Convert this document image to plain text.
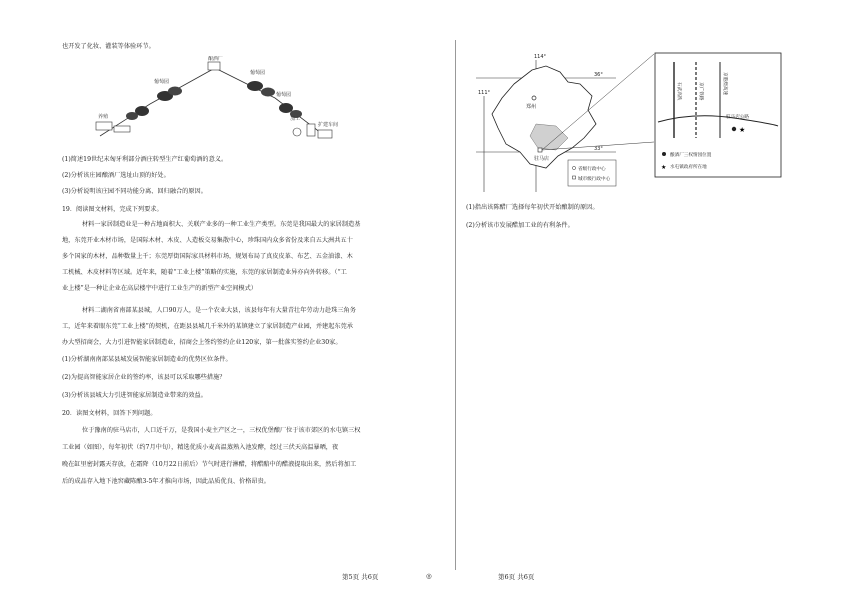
也开发了化妆、灌装等体验环节。
酿酒厂
葡萄园
葡萄园
葡萄园
养殖	加工
扩建车间
(1)简述19世纪末匈牙利部分酒庄转型生产红葡萄酒的意义。
(2)分析该庄园酿酒厂选址山顶的好处。
(3)分析说明该庄园不同功能分离、回归融合的原因。
19．阅读图文材料，完成下列要求。
材料一家居制造业是一种占地面积大、关联产业多的一种工业生产类型。东莞是我国最大的家居制造基
地，东莞开业木材市场，是国际木材、木皮、人造板交易集散中心，珍珠国内众多省份及来自五大洲共五十
多个国家的木材，品种数量上千；东莞厚街国际家具材料市场，规划布局了真皮皮革、布艺、五金油漆、木
工机械、木皮材料等区域。近年来，随着“工业上楼”策略的实施，东莞的家居制造业异亦向外转移。（“工
业上楼”是一种让企业在高层楼宇中进行工业生产的新型产业空间模式）
材料二湖南省南部某县城，人口90万人，是一个农业大县，该县每年有大量青壮年劳动力赴珠三角务
工，近年来着眼东莞“工业上楼”的契机，在距县县城几千米外的某镇建立了家居制造产业园，并建起东莞承
办大型招商会，大力引进智能家居制造业，招商会上签约签约企业120家，第一批落实签约企业30家。
(1)分析湖南南部某县城发展智能家居制造业的优势区位条件。
(2)为提高智能家居企业的签约率，该县可以采取哪些措施？
(3)分析该县城大力引进智能家居制造业带来的效益。
20．读图文材料，回答下列问题。
位于豫南的驻马店市，人口近千万，是我国小麦主产区之一，三权优堡酿厂位于该市郊区的水屯镇三权
工业园（如图），每年初伏（约7月中旬），精选优质小麦高温蒸熟入池发酵，经过三伏天高温暴晒，夜
晚在缸里密封露天存放，在霜降（10月22日前后）节气时进行淋醋，将醋醅中的醋液提取出来，然后将加工
后的成品存入地下池窖藏陈酿3-5年才推向市场，因此品质优良、价格昂贵。
第5页 共6页	◎
114°
111°
36°
33°
郑州
驻马店
省级行政中心
城市级行政中心
石武高铁	京广铁路	京港澳高速
驻马店公路
★
酿酒厂三权情园位置
★ 水屯镇政府所在地
(1)指出该陈醋厂选择每年初伏开始酿制的原因。
(2)分析该市发展醋加工业的有利条件。
第6页 共6页
